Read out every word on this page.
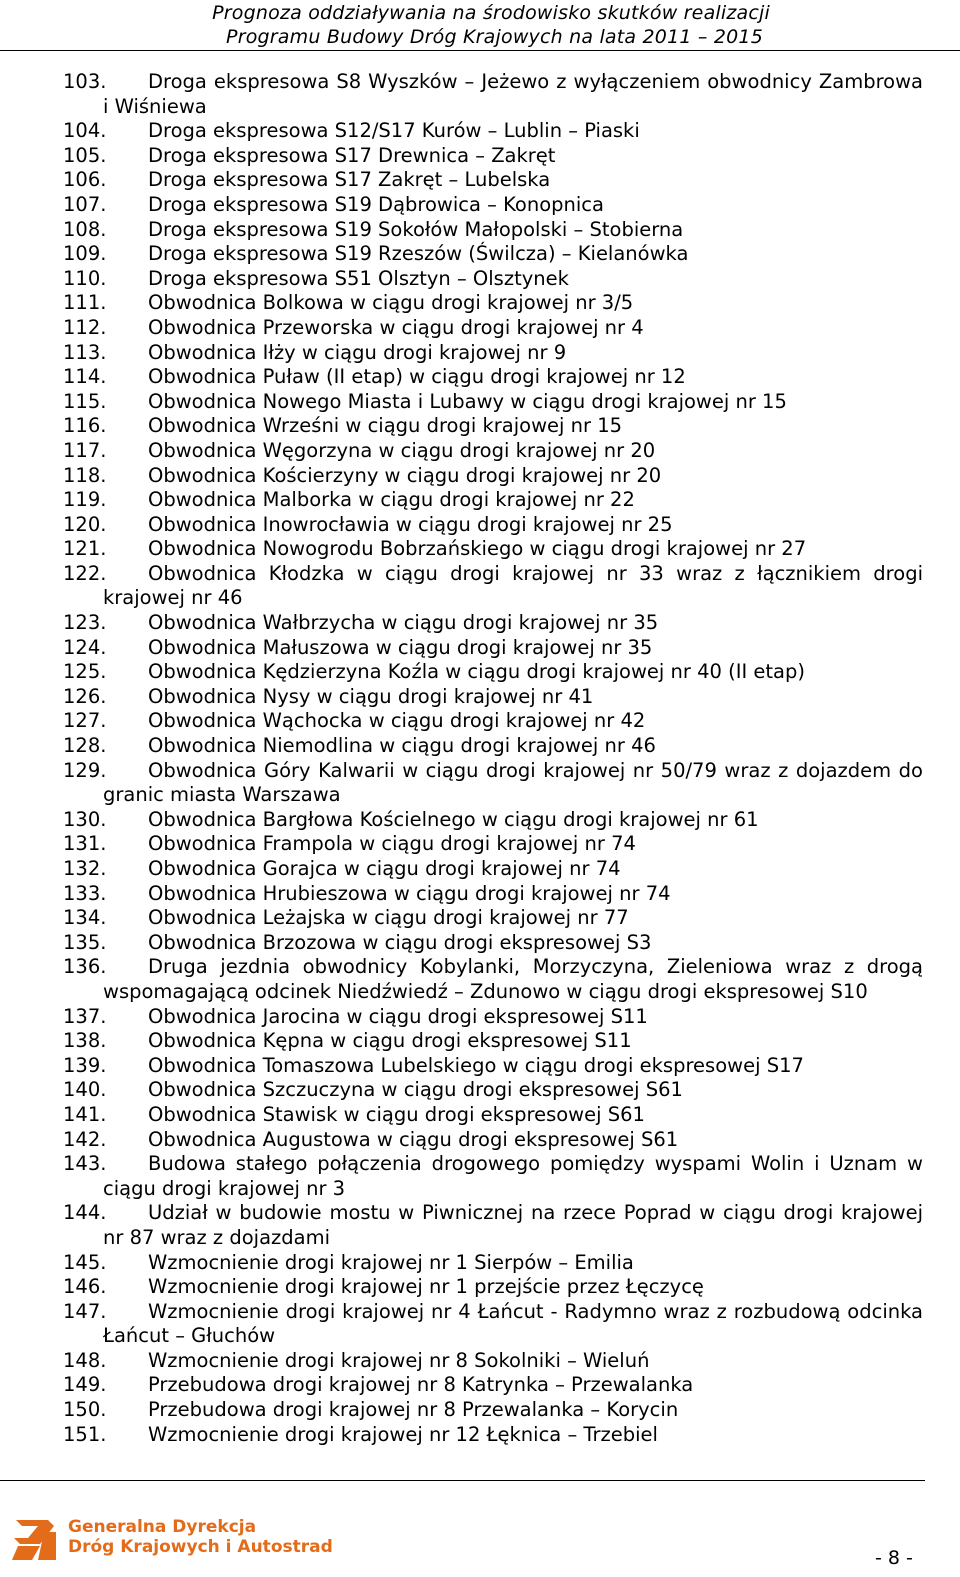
Prognoza oddziaływania na środowisko skutków realizacji
Programu Budowy Dróg Krajowych na lata 2011 – 2015
103.	Droga ekspresowa S8 Wyszków – Jeżewo z wyłączeniem obwodnicy Zambrowa i Wiśniewa
104.	Droga ekspresowa S12/S17 Kurów – Lublin – Piaski
105.	Droga ekspresowa S17 Drewnica – Zakręt
106.	Droga ekspresowa S17 Zakręt – Lubelska
107.	Droga ekspresowa S19 Dąbrowica – Konopnica
108.	Droga ekspresowa S19 Sokołów Małopolski – Stobierna
109.	Droga ekspresowa S19 Rzeszów (Świlcza) – Kielanówka
110.	Droga ekspresowa S51 Olsztyn – Olsztynek
111.	Obwodnica Bolkowa w ciągu drogi krajowej nr 3/5
112.	Obwodnica Przeworska w ciągu drogi krajowej nr 4
113.	Obwodnica Iłży w ciągu drogi krajowej nr 9
114.	Obwodnica Puław (II etap) w ciągu drogi krajowej nr 12
115.	Obwodnica Nowego Miasta i Lubawy w ciągu drogi krajowej nr 15
116.	Obwodnica Wrześni w ciągu drogi krajowej nr 15
117.	Obwodnica Węgorzyna w ciągu drogi krajowej nr 20
118.	Obwodnica Kościerzyny w ciągu drogi krajowej nr 20
119.	Obwodnica Malborka w ciągu drogi krajowej nr 22
120.	Obwodnica Inowrocławia w ciągu drogi krajowej nr 25
121.	Obwodnica Nowogrodu Bobrzańskiego w ciągu drogi krajowej nr 27
122.	Obwodnica Kłodzka w ciągu drogi krajowej nr 33 wraz z łącznikiem drogi krajowej nr 46
123.	Obwodnica Wałbrzycha w ciągu drogi krajowej nr 35
124.	Obwodnica Małuszowa w ciągu drogi krajowej nr 35
125.	Obwodnica Kędzierzyna Koźla w ciągu drogi krajowej nr 40 (II etap)
126.	Obwodnica Nysy w ciągu drogi krajowej nr 41
127.	Obwodnica Wąchocka w ciągu drogi krajowej nr 42
128.	Obwodnica Niemodlina w ciągu drogi krajowej nr 46
129.	Obwodnica Góry Kalwarii w ciągu drogi krajowej nr 50/79 wraz z dojazdem do granic miasta Warszawa
130.	Obwodnica Bargłowa Kościelnego w ciągu drogi krajowej nr 61
131.	Obwodnica Frampola w ciągu drogi krajowej nr 74
132.	Obwodnica Gorajca w ciągu drogi krajowej nr 74
133.	Obwodnica Hrubieszowa w ciągu drogi krajowej nr 74
134.	Obwodnica Leżajska w ciągu drogi krajowej nr 77
135.	Obwodnica Brzozowa w ciągu drogi ekspresowej S3
136.	Druga jezdnia obwodnicy Kobylanki, Morzyczyna, Zieleniowa wraz z drogą wspomagającą odcinek Niedźwiedź – Zdunowo w ciągu drogi ekspresowej S10
137.	Obwodnica Jarocina w ciągu drogi ekspresowej S11
138.	Obwodnica Kępna w ciągu drogi ekspresowej S11
139.	Obwodnica Tomaszowa Lubelskiego w ciągu drogi ekspresowej S17
140.	Obwodnica Szczuczyna w ciągu drogi ekspresowej S61
141.	Obwodnica Stawisk w ciągu drogi ekspresowej S61
142.	Obwodnica Augustowa w ciągu drogi ekspresowej S61
143.	Budowa stałego połączenia drogowego pomiędzy wyspami Wolin i Uznam w ciągu drogi krajowej nr 3
144.	Udział w budowie mostu w Piwnicznej na rzece Poprad w ciągu drogi krajowej nr 87 wraz z dojazdami
145.	Wzmocnienie drogi krajowej nr 1 Sierpów – Emilia
146.	Wzmocnienie drogi krajowej nr 1 przejście przez Łęczycę
147.	Wzmocnienie drogi krajowej nr 4 Łańcut - Radymno wraz z rozbudową odcinka Łańcut – Głuchów
148.	Wzmocnienie drogi krajowej nr 8 Sokolniki – Wieluń
149.	Przebudowa drogi krajowej nr 8 Katrynka – Przewalanka
150.	Przebudowa drogi krajowej nr 8 Przewalanka – Korycin
151.	Wzmocnienie drogi krajowej nr 12 Łęknica – Trzebiel
Generalna Dyrekcja
Dróg Krajowych i Autostrad	- 8 -
